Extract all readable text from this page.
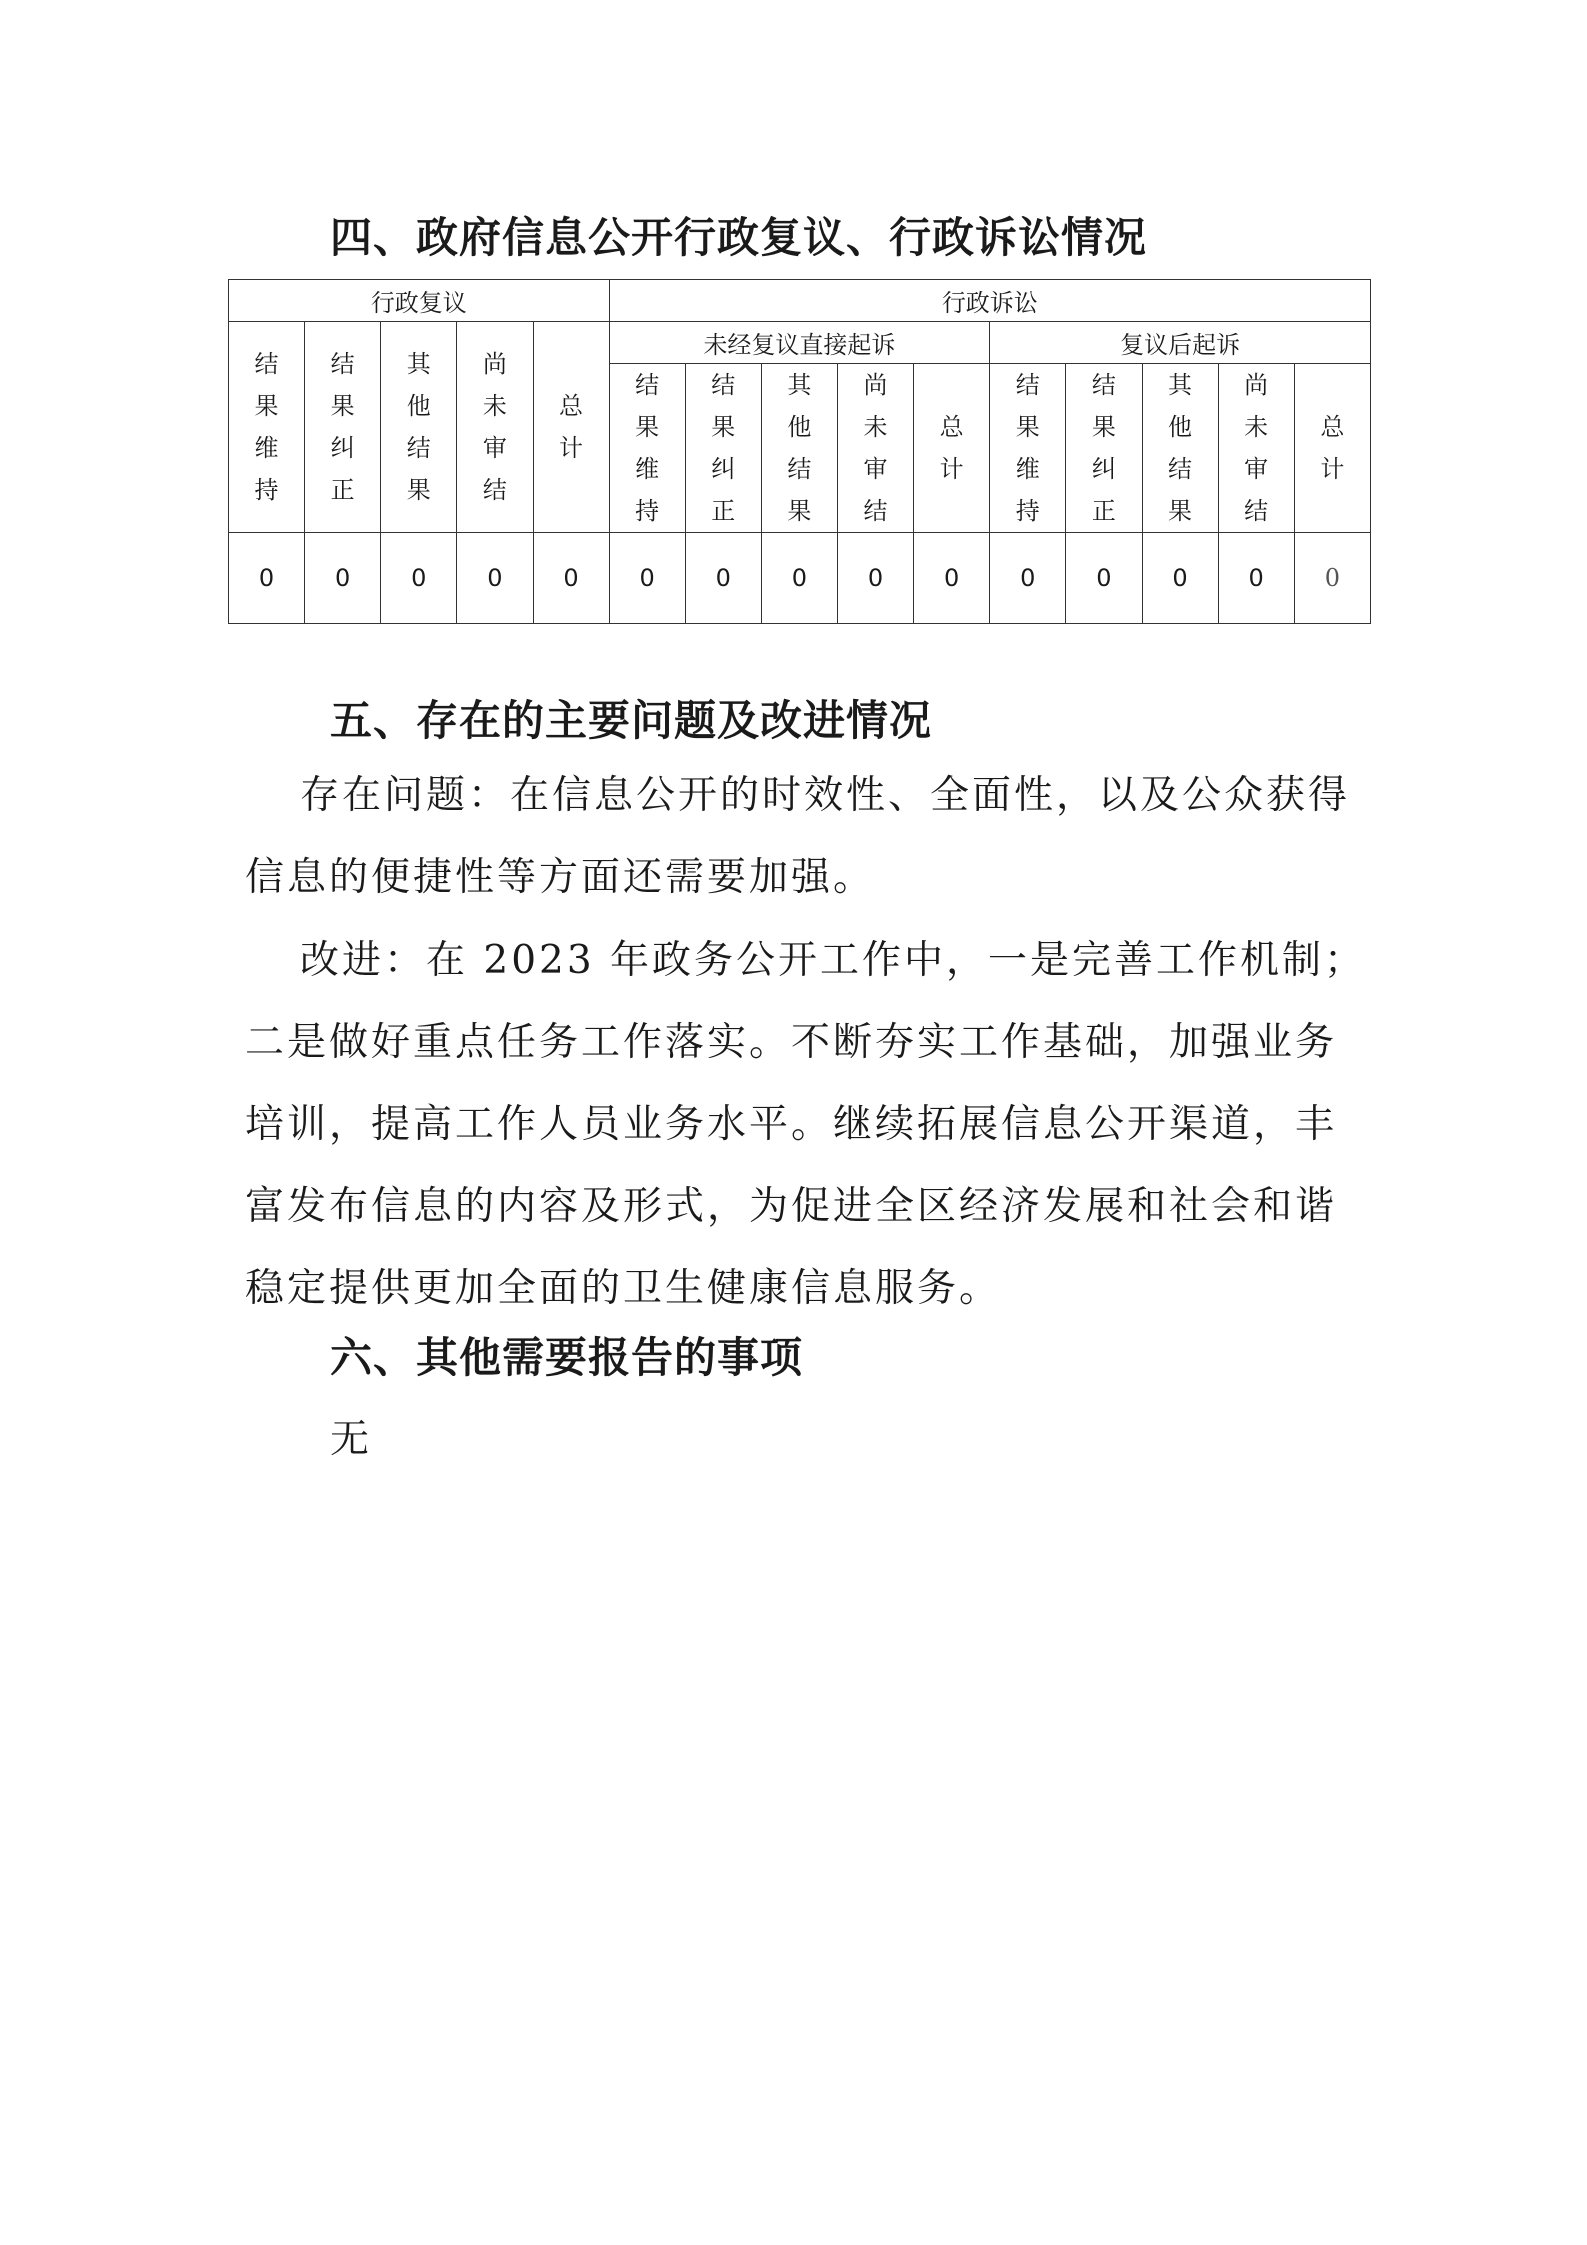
四、政府信息公开行政复议、行政诉讼情况
行政复议					行政诉讼									
结果维持	结果纠正	其他结果	尚未审结	总计	未经复议直接起诉					复议后起诉				
					结果维持	结果纠正	其他结果	尚未审结	总计	结果维持	结果纠正	其他结果	尚未审结	总计
0	0	0	0	0	0	0	0	0	0	0	0	0	0	0
五、存在的主要问题及改进情况

存在问题：在信息公开的时效性、全面性，以及公众获得
信息的便捷性等方面还需要加强。

改进：在 2023 年政务公开工作中，一是完善工作机制；
二是做好重点任务工作落实。不断夯实工作基础，加强业务
培训，提高工作人员业务水平。继续拓展信息公开渠道，丰
富发布信息的内容及形式，为促进全区经济发展和社会和谐
稳定提供更加全面的卫生健康信息服务。

六、其他需要报告的事项

无
